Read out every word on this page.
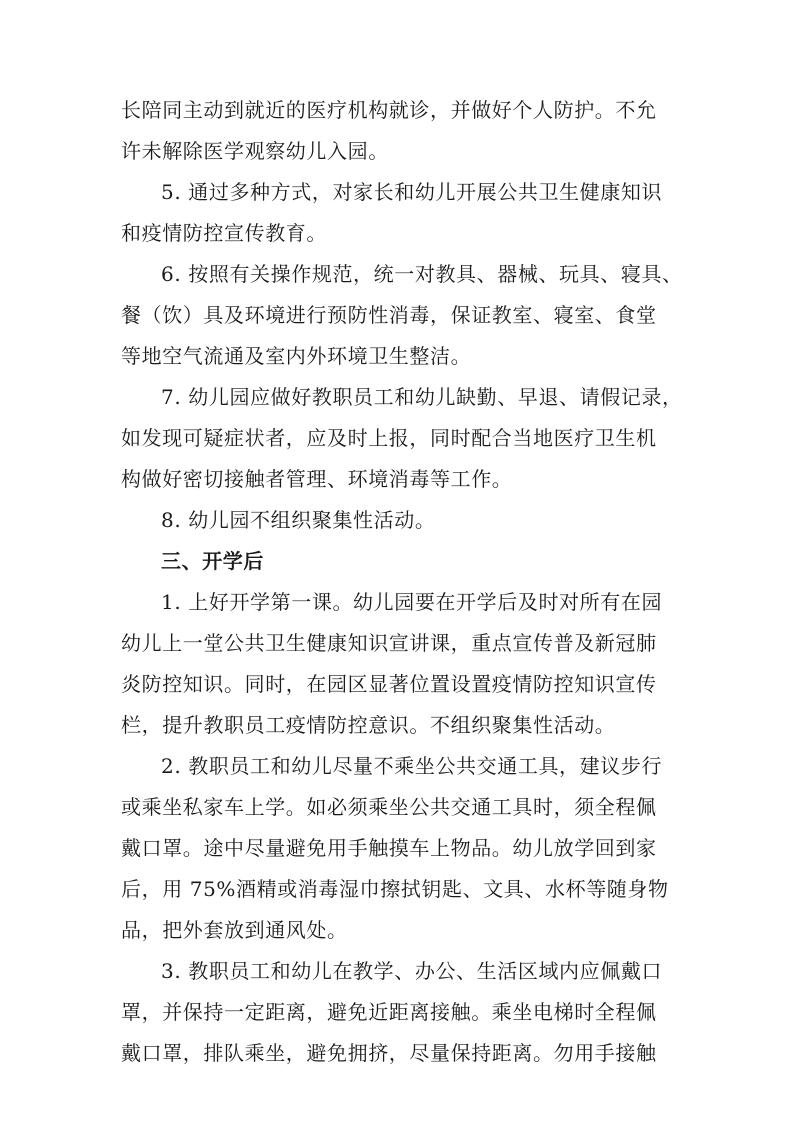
长陪同主动到就近的医疗机构就诊，并做好个人防护。不允
许未解除医学观察幼儿入园。
5. 通过多种方式，对家长和幼儿开展公共卫生健康知识
和疫情防控宣传教育。
6. 按照有关操作规范，统一对教具、器械、玩具、寝具、
餐（饮）具及环境进行预防性消毒，保证教室、寝室、食堂
等地空气流通及室内外环境卫生整洁。
7. 幼儿园应做好教职员工和幼儿缺勤、早退、请假记录，
如发现可疑症状者，应及时上报，同时配合当地医疗卫生机
构做好密切接触者管理、环境消毒等工作。
8. 幼儿园不组织聚集性活动。
三、开学后
1. 上好开学第一课。幼儿园要在开学后及时对所有在园
幼儿上一堂公共卫生健康知识宣讲课，重点宣传普及新冠肺
炎防控知识。同时，在园区显著位置设置疫情防控知识宣传
栏，提升教职员工疫情防控意识。不组织聚集性活动。
2. 教职员工和幼儿尽量不乘坐公共交通工具，建议步行
或乘坐私家车上学。如必须乘坐公共交通工具时，须全程佩
戴口罩。途中尽量避免用手触摸车上物品。幼儿放学回到家
后，用 75%酒精或消毒湿巾擦拭钥匙、文具、水杯等随身物
品，把外套放到通风处。
3. 教职员工和幼儿在教学、办公、生活区域内应佩戴口
罩，并保持一定距离，避免近距离接触。乘坐电梯时全程佩
戴口罩，排队乘坐，避免拥挤，尽量保持距离。勿用手接触
